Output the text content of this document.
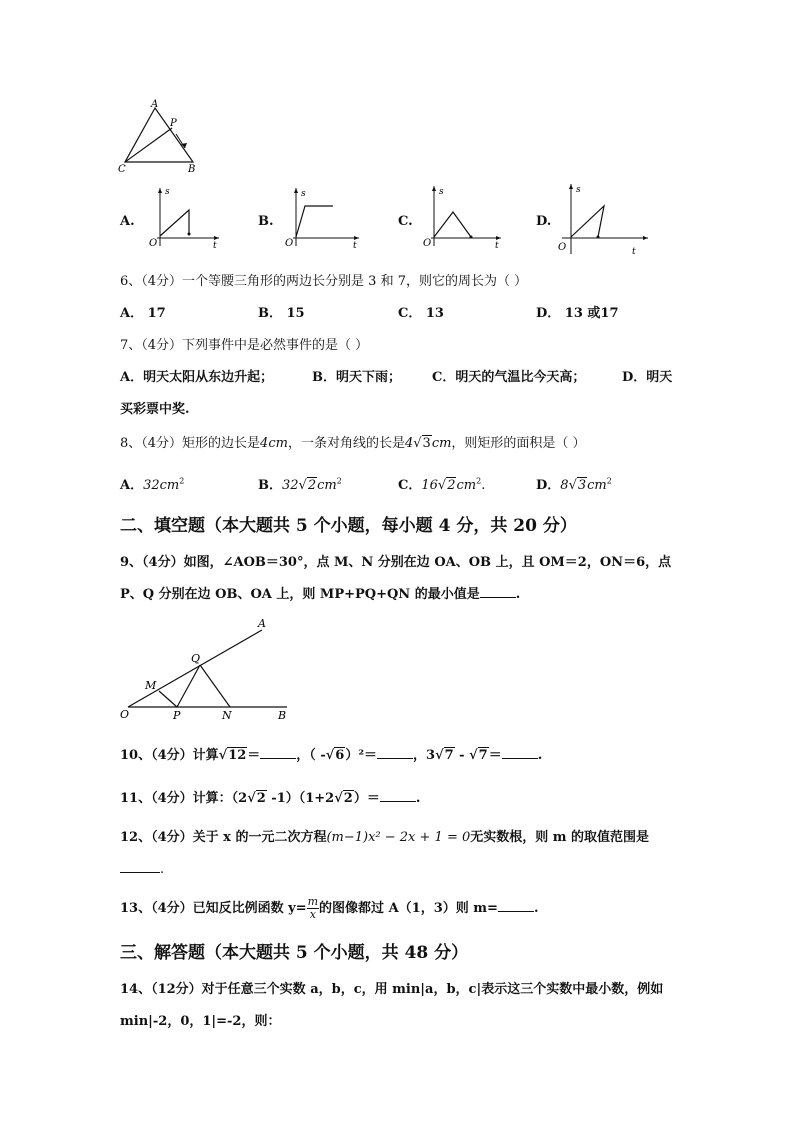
A
P
C	B
A.
s
O	t
B.
s
O	t
C.
s
O	t
D.
s
O	t
6、（4分）一个等腰三角形的两边长分别是 3 和 7，则它的周长为（ ）
A． 17	B． 15	C． 13	D． 13 或17
7、（4分）下列事件中是必然事件的是（ ）
A．明天太阳从东边升起；	B．明天下雨； C．明天的气温比今天高；	D．明天
买彩票中奖.
8、（4分）矩形的边长是4cm，一条对角线的长是4√3cm，则矩形的面积是（ ）
A．$32cm^2$	B．$32√2cm^2$	C．$16√2cm^2$.	D．$8√3cm^2$
二、填空题（本大题共 5 个小题，每小题 4 分，共 20 分）
9、（4分）如图，∠AOB＝30°，点 M、N 分别在边 OA、OB 上，且 OM＝2，ON＝6，点
P、Q 分别在边 OB、OA 上，则 MP+PQ+QN 的最小值是	.
A
Q
M
O	P	N	B
10、（4分）计算√12＝	，（ -√6）²＝	，3√7 - √7＝	.
11、（4分）计算：（2√2 -1）（1+2√2）＝	.
12、（4分）关于 x 的一元二次方程(m−1)x² − 2x + 1 = 0无实数根，则 m 的取值范围是
.
13、（4分）已知反比例函数 $y= \frac{m}{x}$ 的图像都过 A（1，3）则 m=	.
三、解答题（本大题共 5 个小题，共 48 分）
14、（12分）对于任意三个实数 a，b，c，用 min|a，b，c|表示这三个实数中最小数，例如
min|-2，0，1|=-2，则：
